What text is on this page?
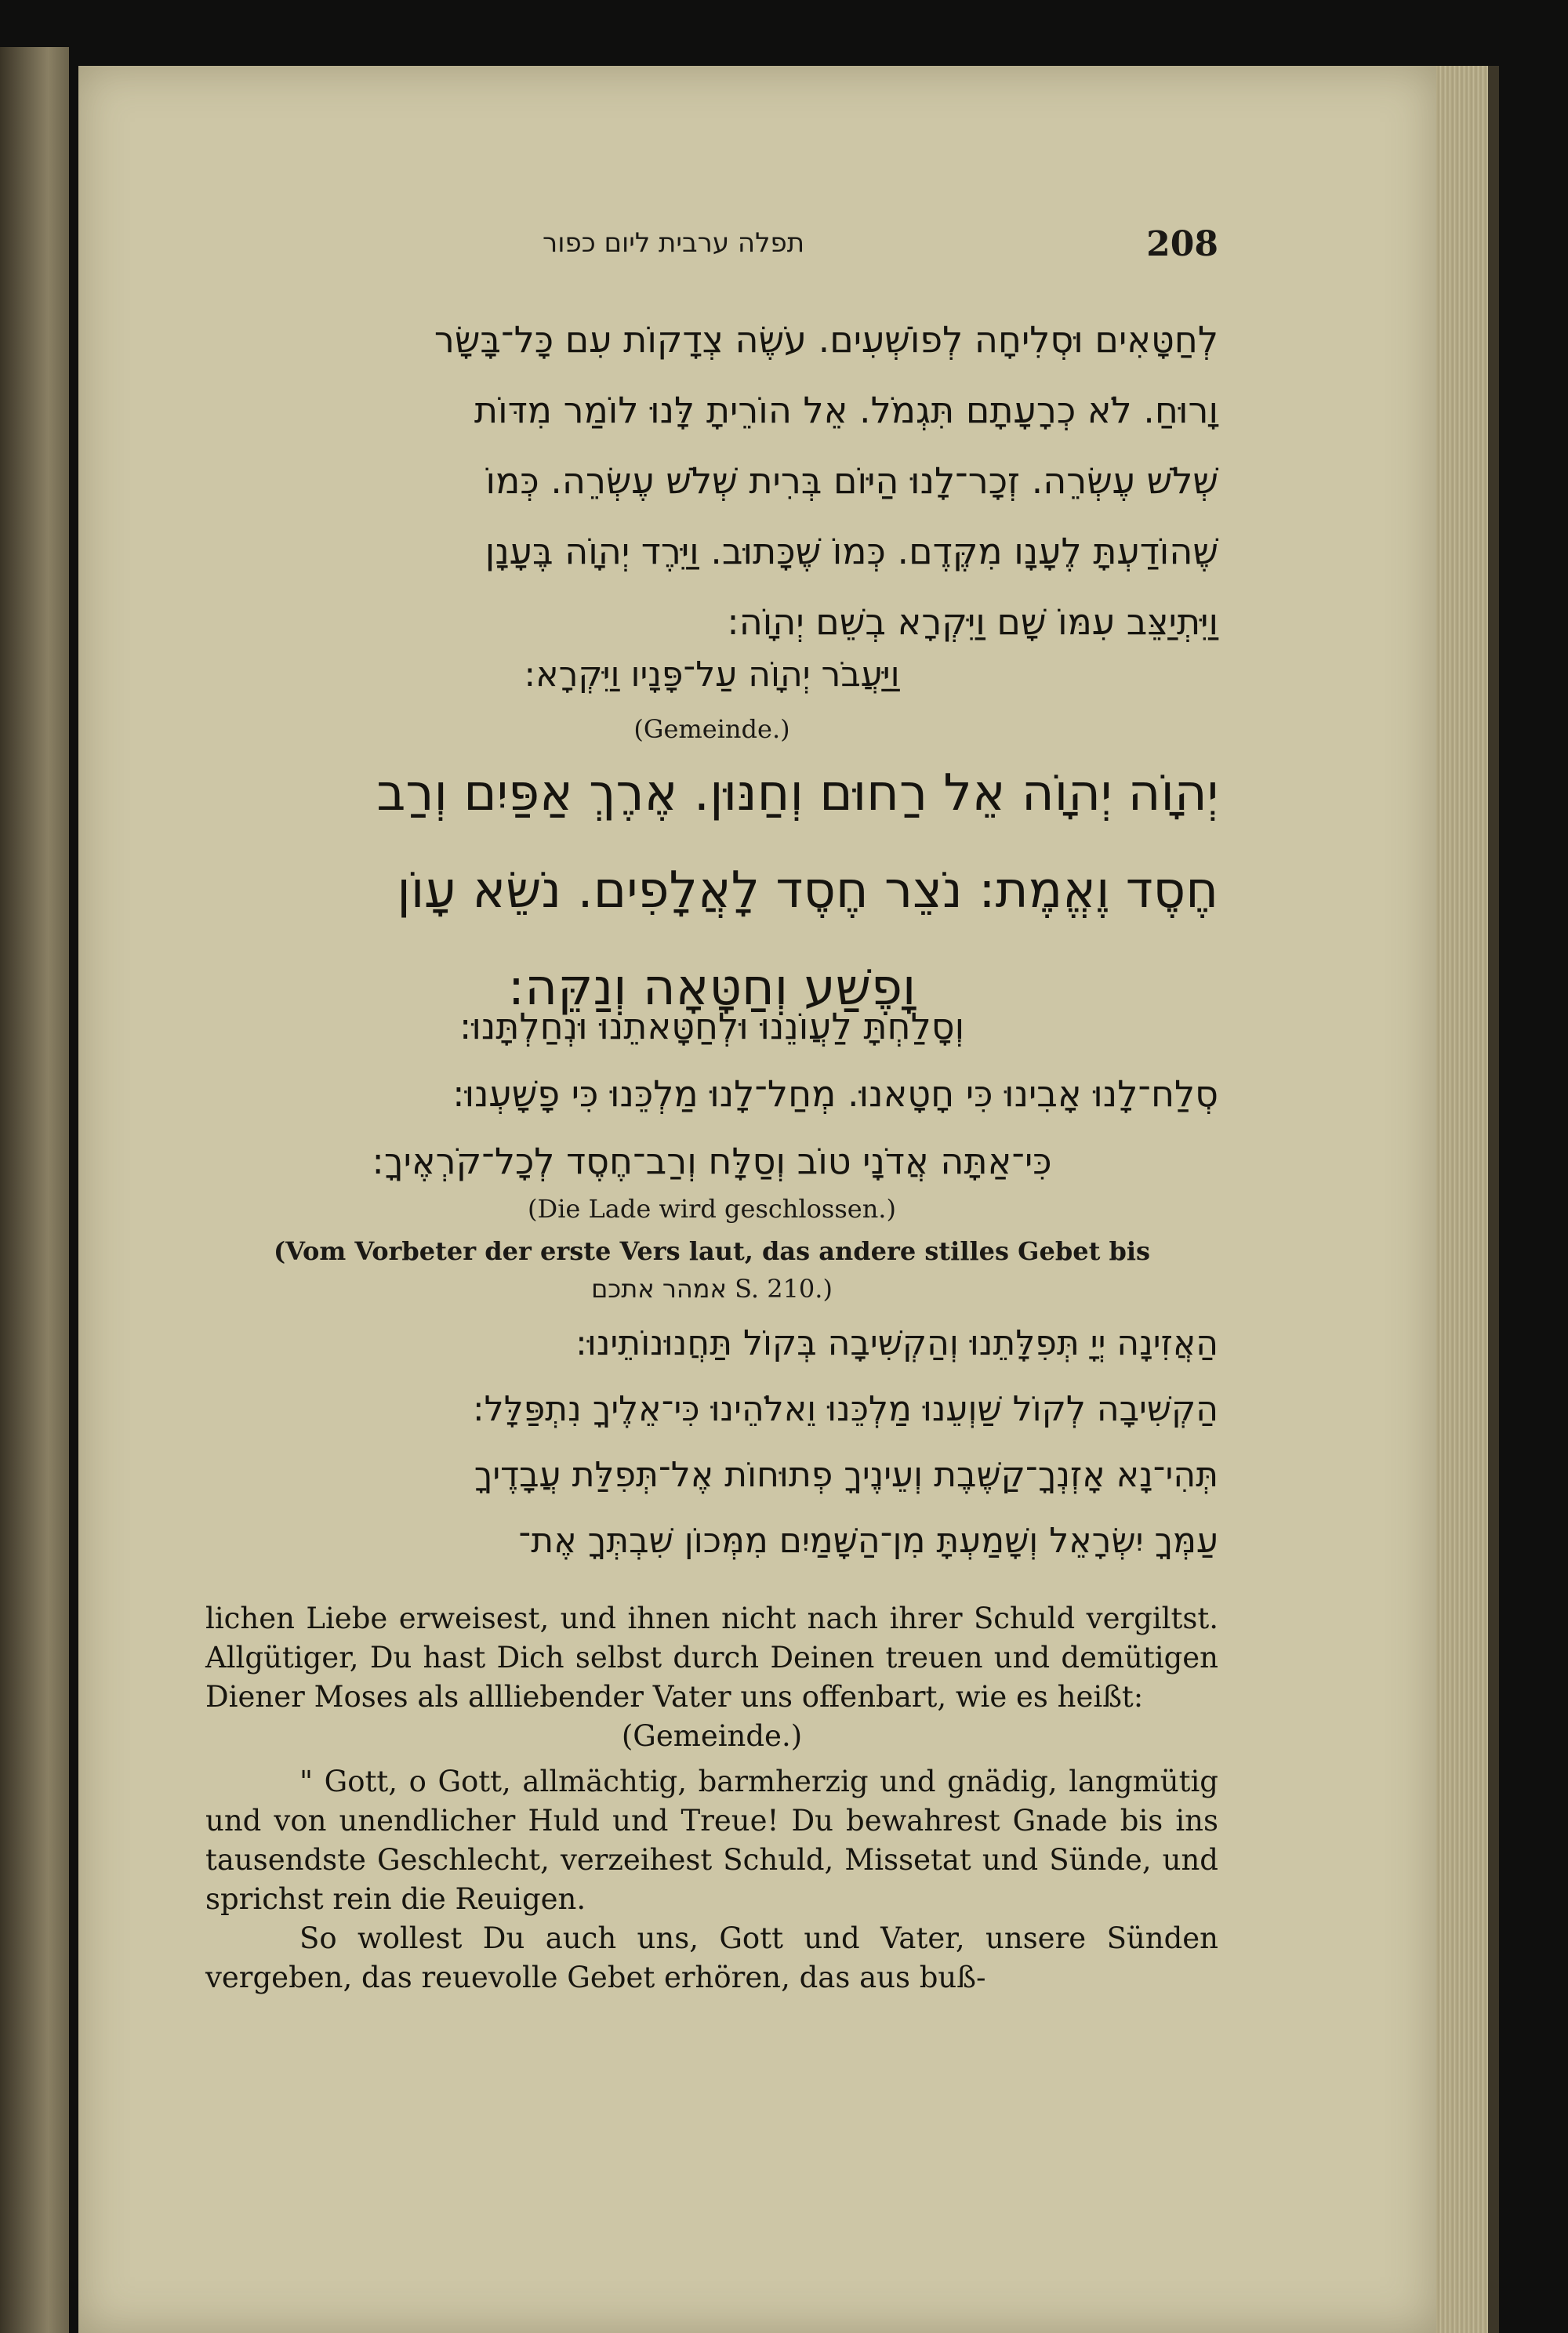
תפלה ערבית ליום כפור	208

לְחַטָּאִים וּסְלִיחָה לְפוֹשְׁעִים. עֹשֶׂה צְדָקוֹת עִם כָּל־בָּשָׂר

וָרוּחַ. לֹא כְרָעָתָם תִּגְמֹל. אֵל הוֹרֵיתָ לָּנוּ לוֹמַר מִדּוֹת

שְׁלֹשׁ עֶשְׂרֵה. זְכָר־לָנוּ הַיּוֹם בְּרִית שְׁלֹשׁ עֶשְׂרֵה. כְּמוֹ

שֶׁהוֹדַעְתָּ לֶעָנָו מִקֶּדֶם. כְּמוֹ שֶׁכָּתוּב. וַיֵּרֶד יְהוָֹה בֶּעָנָן

וַיִּתְיַצֵּב עִמּוֹ שָׁם וַיִּקְרָא בְשֵׁם יְהוָֹה:

וַיַּעֲבֹר יְהוָֹה עַל־פָּנָיו וַיִּקְרָא:

(Gemeinde.)

יְהוָֹה יְהוָֹה אֵל רַחוּם וְחַנּוּן. אֶרֶךְ אַפַּיִם וְרַב

חֶסֶד וֶאֱמֶת: נֹצֵר חֶסֶד לָאֲלָפִים. נֹשֵׂא עָוֹן

וָפֶשַׁע וְחַטָּאָה וְנַקֵּה:

וְסָלַחְתָּ לַעֲוֹנֵנוּ וּלְחַטָּאתֵנוּ וּנְחַלְתָּנוּ:

סְלַח־לָנוּ אָבִינוּ כִּי חָטָאנוּ. מְחַל־לָנוּ מַלְכֵּנוּ כִּי פָשָׁעְנוּ:

כִּי־אַתָּה אֲדֹנָי טוֹב וְסַלָּח וְרַב־חֶסֶד לְכָל־קֹרְאֶיךָ:

(Die Lade wird geschlossen.)
(Vom Vorbeter der erste Vers laut, das andere stilles Gebet bis
אמהר אתכם S. 210.)

הַאֲזִינָה יְיָ תְּפִלָּתֵנוּ וְהַקְשִׁיבָה בְּקוֹל תַּחֲנוּנוֹתֵינוּ:

הַקְשִׁיבָה לְקוֹל שַׁוְעֵנוּ מַלְכֵּנוּ וֵאלֹהֵינוּ כִּי־אֵלֶיךָ נִתְפַּלָּל:

תְּהִי־נָא אָזְנְךָ־קַשֶּׁבֶת וְעֵינֶיךָ פְתוּחוֹת אֶל־תְּפִלַּת עֲבָדֶיךָ

עַמְּךָ יִשְׂרָאֵל וְשָׁמַעְתָּ מִן־הַשָּׁמַיִם מִמְּכוֹן שִׁבְתְּךָ אֶת־

lichen Liebe erweisest, und ihnen nicht nach ihrer Schuld vergiltst. Allgütiger, Du hast Dich selbst durch Deinen treuen und demütigen Diener Moses als allliebender Vater uns offenbart, wie es heißt:

(Gemeinde.)

" Gott, o Gott, allmächtig, barmherzig und gnädig, langmütig und von unendlicher Huld und Treue! Du bewahrest Gnade bis ins tausendste Geschlecht, verzeihest Schuld, Missetat und Sünde, und sprichst rein die Reuigen.

So wollest Du auch uns, Gott und Vater, unsere Sünden vergeben, das reuevolle Gebet erhören, das aus buß-
